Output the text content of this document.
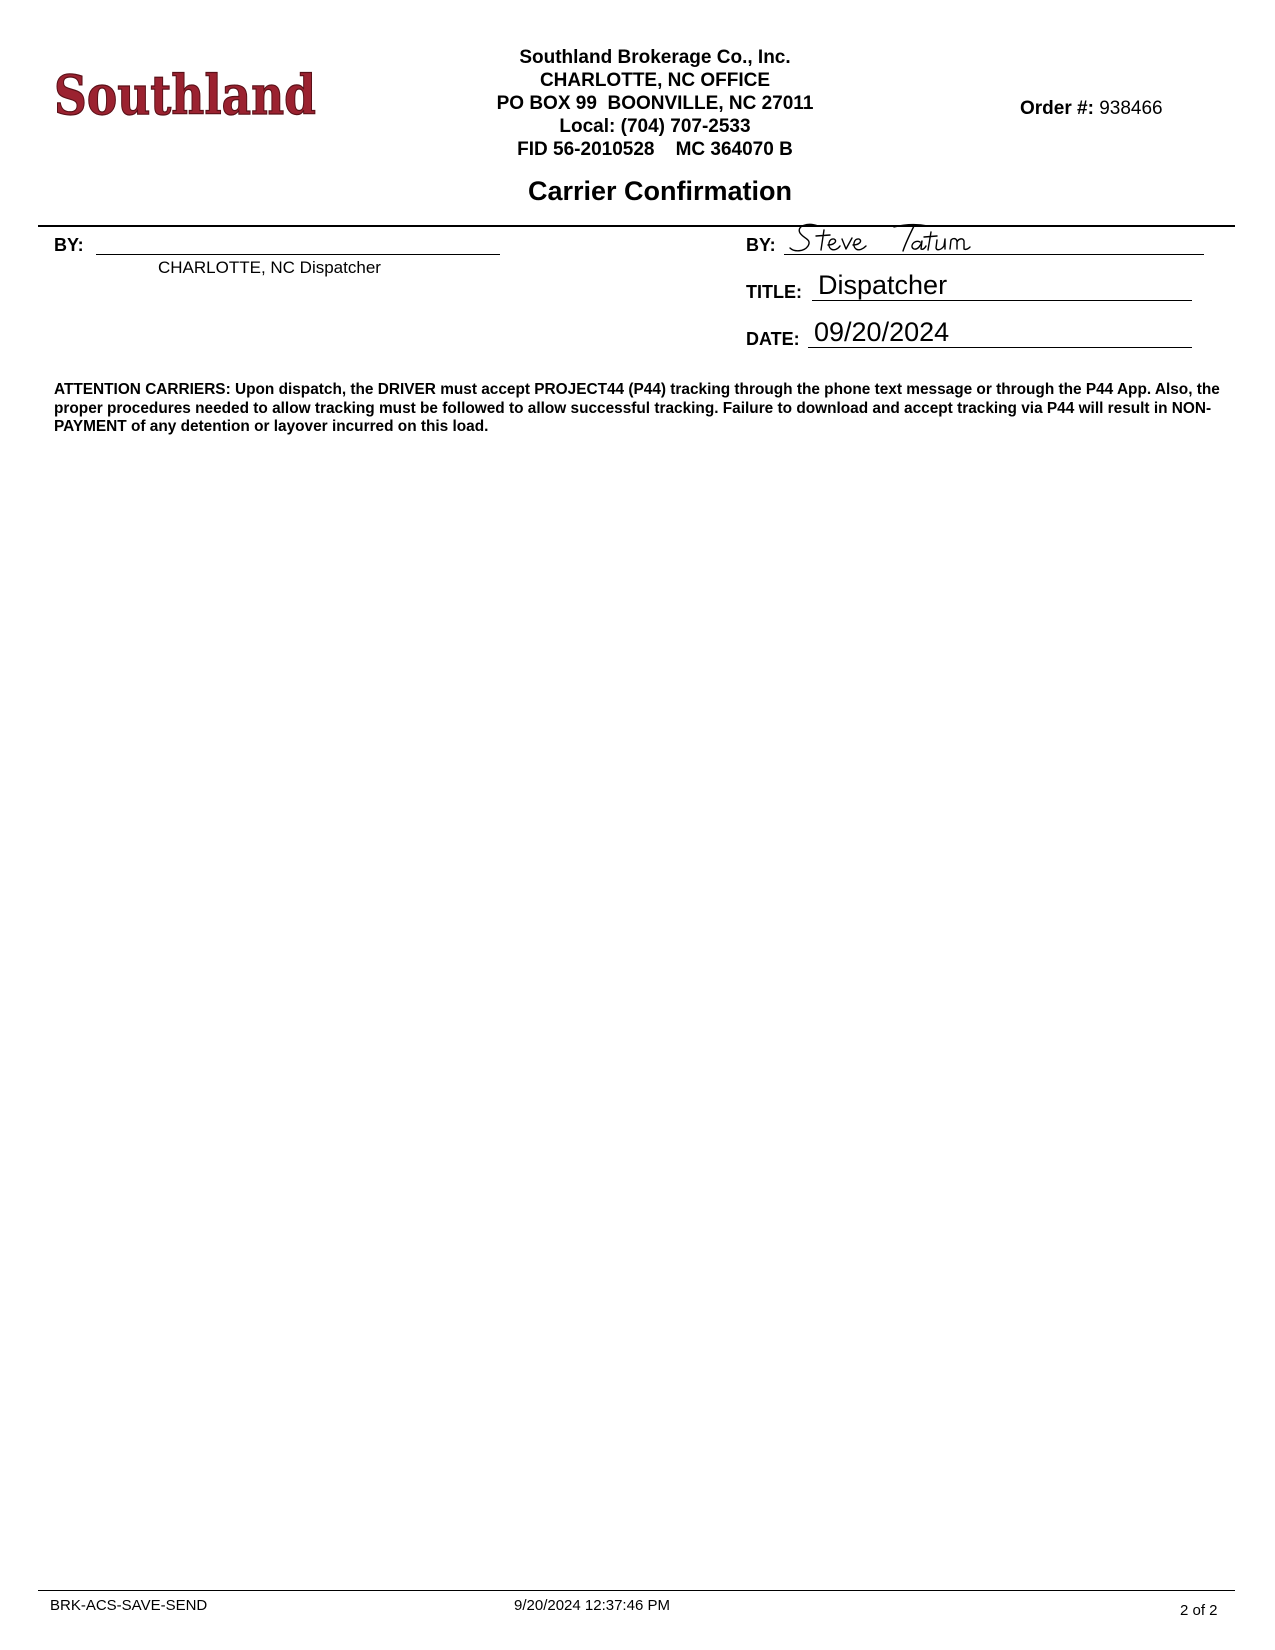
Southland
Southland Brokerage Co., Inc.
CHARLOTTE, NC OFFICE
PO BOX 99  BOONVILLE, NC 27011
Local: (704) 707-2533
FID 56-2010528    MC 364070 B
Order #: 938466
Carrier Confirmation
BY:
CHARLOTTE, NC Dispatcher
BY:
TITLE: Dispatcher
DATE: 09/20/2024
ATTENTION CARRIERS: Upon dispatch, the DRIVER must accept PROJECT44 (P44) tracking through the phone text message or through the P44 App. Also, the proper procedures needed to allow tracking must be followed to allow successful tracking. Failure to download and accept tracking via P44 will result in NON-PAYMENT of any detention or layover incurred on this load.
BRK-ACS-SAVE-SEND	9/20/2024 12:37:46 PM	2 of 2
